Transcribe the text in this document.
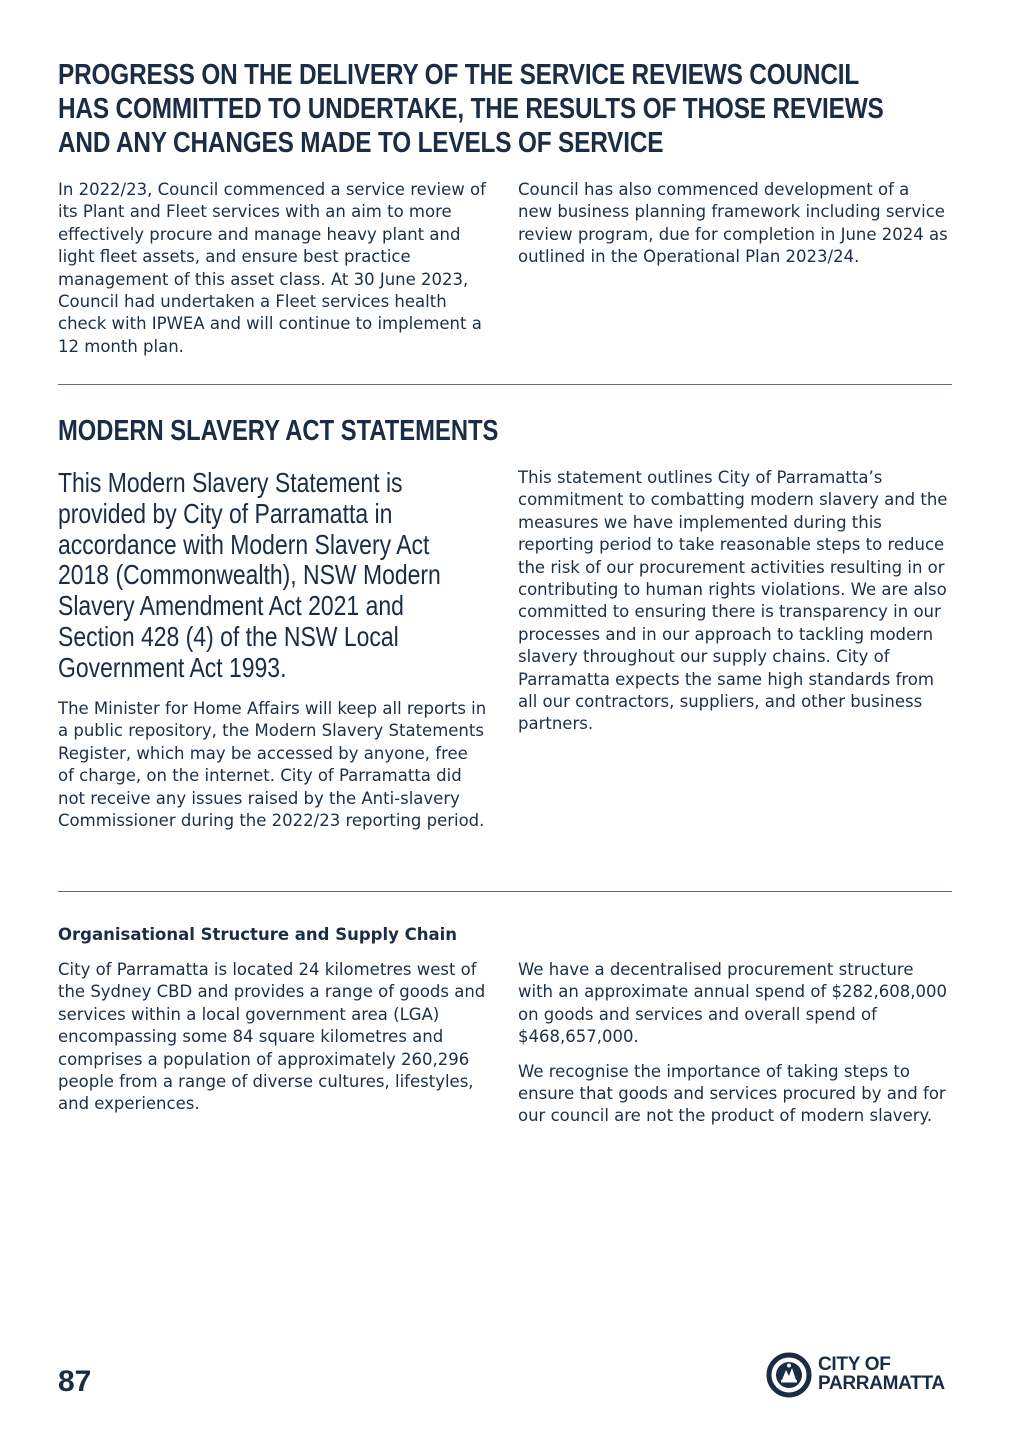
PROGRESS ON THE DELIVERY OF THE SERVICE REVIEWS COUNCIL
HAS COMMITTED TO UNDERTAKE, THE RESULTS OF THOSE REVIEWS
AND ANY CHANGES MADE TO LEVELS OF SERVICE

In 2022/23, Council commenced a service review of its Plant and Fleet services with an aim to more effectively procure and manage heavy plant and light fleet assets, and ensure best practice management of this asset class. At 30 June 2023, Council had undertaken a Fleet services health check with IPWEA and will continue to implement a 12 month plan.

Council has also commenced development of a new business planning framework including service review program, due for completion in June 2024 as outlined in the Operational Plan 2023/24.

MODERN SLAVERY ACT STATEMENTS

This Modern Slavery Statement is
provided by City of Parramatta in
accordance with Modern Slavery Act
2018 (Commonwealth), NSW Modern
Slavery Amendment Act 2021 and
Section 428 (4) of the NSW Local
Government Act 1993.

The Minister for Home Affairs will keep all reports in a public repository, the Modern Slavery Statements Register, which may be accessed by anyone, free of charge, on the internet. City of Parramatta did not receive any issues raised by the Anti-slavery Commissioner during the 2022/23 reporting period.

This statement outlines City of Parramatta’s commitment to combatting modern slavery and the measures we have implemented during this reporting period to take reasonable steps to reduce the risk of our procurement activities resulting in or contributing to human rights violations. We are also committed to ensuring there is transparency in our processes and in our approach to tackling modern slavery throughout our supply chains. City of Parramatta expects the same high standards from all our contractors, suppliers, and other business partners.

Organisational Structure and Supply Chain

City of Parramatta is located 24 kilometres west of the Sydney CBD and provides a range of goods and services within a local government area (LGA) encompassing some 84 square kilometres and comprises a population of approximately 260,296 people from a range of diverse cultures, lifestyles, and experiences.

We have a decentralised procurement structure with an approximate annual spend of $282,608,000 on goods and services and overall spend of $468,657,000.

We recognise the importance of taking steps to ensure that goods and services procured by and for our council are not the product of modern slavery.

87
CITY OF
PARRAMATTA
